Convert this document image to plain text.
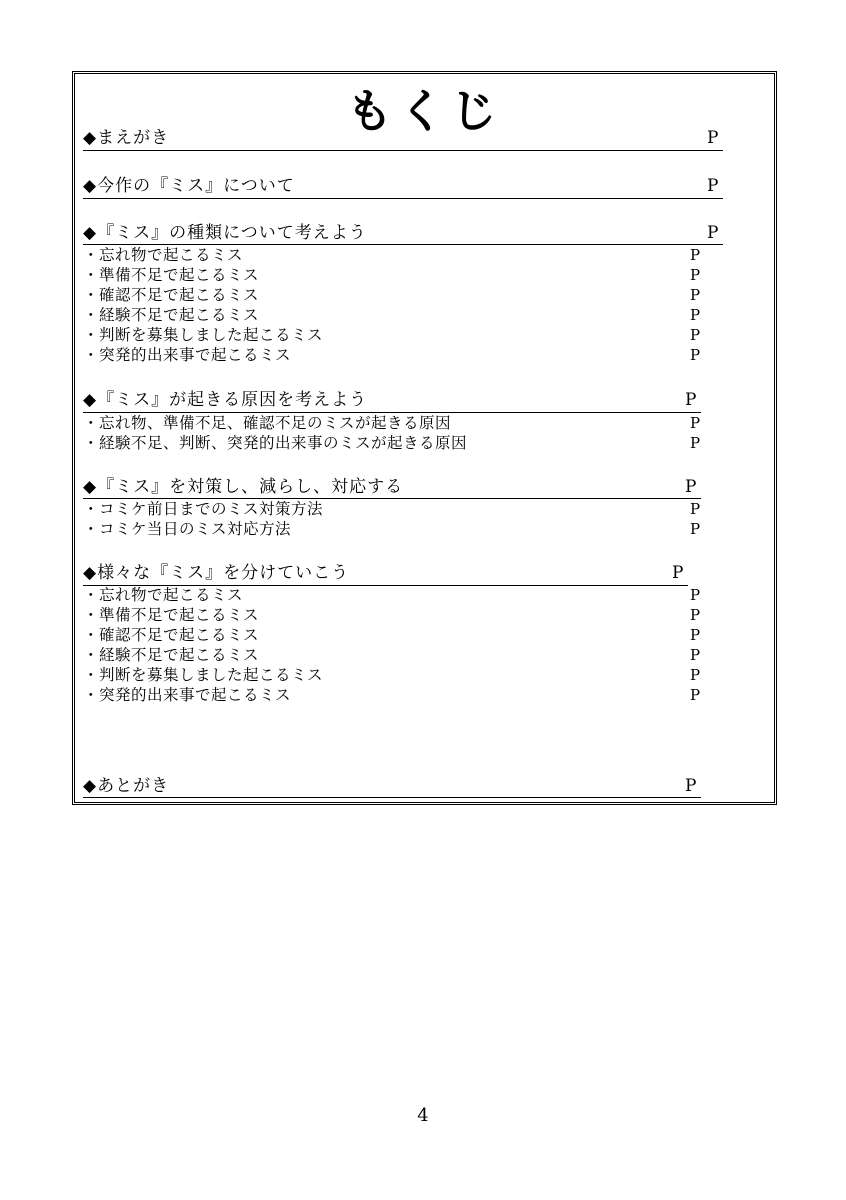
もくじ
◆まえがき	P
◆今作の『ミス』について	P
◆『ミス』の種類について考えよう	P
・忘れ物で起こるミス	P
・準備不足で起こるミス	P
・確認不足で起こるミス	P
・経験不足で起こるミス	P
・判断を募集しました起こるミス	P
・突発的出来事で起こるミス	P
◆『ミス』が起きる原因を考えよう	P
・忘れ物、準備不足、確認不足のミスが起きる原因	P
・経験不足、判断、突発的出来事のミスが起きる原因	P
◆『ミス』を対策し、減らし、対応する	P
・コミケ前日までのミス対策方法	P
・コミケ当日のミス対応方法	P
◆様々な『ミス』を分けていこう	P
・忘れ物で起こるミス	P
・準備不足で起こるミス	P
・確認不足で起こるミス	P
・経験不足で起こるミス	P
・判断を募集しました起こるミス	P
・突発的出来事で起こるミス	P
◆あとがき	P
4
